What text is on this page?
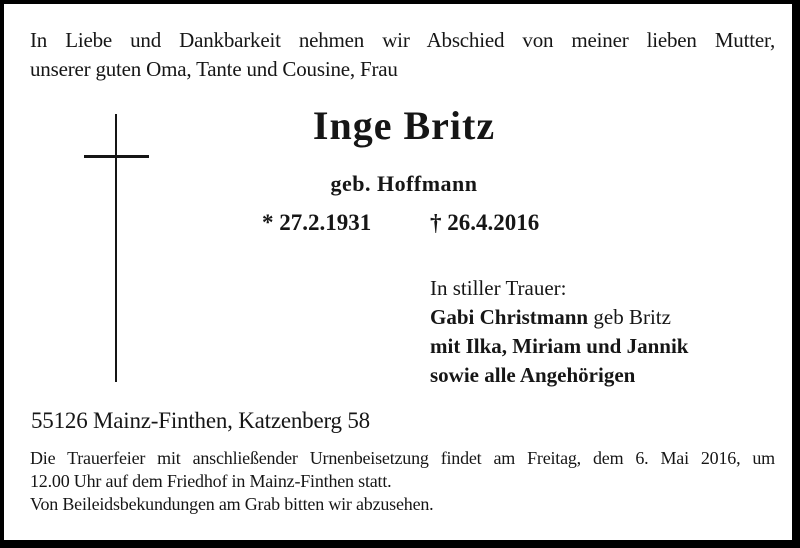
In Liebe und Dankbarkeit nehmen wir Abschied von meiner lieben Mutter,
unserer guten Oma, Tante und Cousine, Frau
Inge Britz
geb. Hoffmann
* 27.2.1931	† 26.4.2016
In stiller Trauer:
Gabi Christmann geb Britz
mit Ilka, Miriam und Jannik
sowie alle Angehörigen
55126 Mainz-Finthen, Katzenberg 58
Die Trauerfeier mit anschließender Urnenbeisetzung findet am Freitag, dem 6. Mai 2016, um
12.00 Uhr auf dem Friedhof in Mainz-Finthen statt.
Von Beileidsbekundungen am Grab bitten wir abzusehen.
